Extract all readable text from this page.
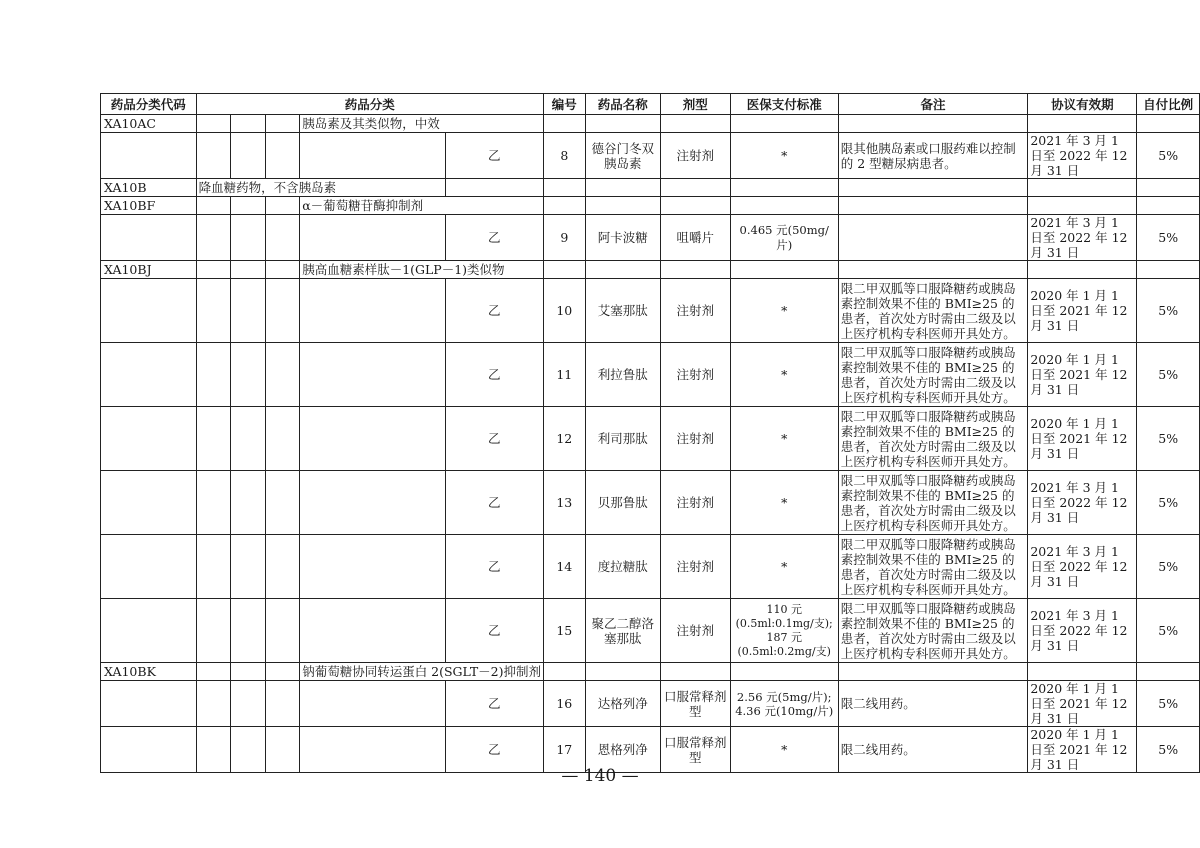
药品分类代码	药品分类					编号	药品名称	剂型	医保支付标准	备注	协议有效期	自付比例
XA10AC				胰岛素及其类似物，中效								
					乙	8	德谷门冬双胰岛素	注射剂	*	限其他胰岛素或口服药难以控制的 2 型糖尿病患者。	2021 年 3 月 1 日至 2022 年 12 月 31 日	5%
XA10B	降血糖药物，不含胰岛素											
XA10BF				α－葡萄糖苷酶抑制剂								
					乙	9	阿卡波糖	咀嚼片	0.465 元(50mg/片)		2021 年 3 月 1 日至 2022 年 12 月 31 日	5%
XA10BJ				胰高血糖素样肽－1(GLP－1)类似物								
					乙	10	艾塞那肽	注射剂	*	限二甲双胍等口服降糖药或胰岛素控制效果不佳的 BMI≥25 的患者，首次处方时需由二级及以上医疗机构专科医师开具处方。	2020 年 1 月 1 日至 2021 年 12 月 31 日	5%
					乙	11	利拉鲁肽	注射剂	*	限二甲双胍等口服降糖药或胰岛素控制效果不佳的 BMI≥25 的患者，首次处方时需由二级及以上医疗机构专科医师开具处方。	2020 年 1 月 1 日至 2021 年 12 月 31 日	5%
					乙	12	利司那肽	注射剂	*	限二甲双胍等口服降糖药或胰岛素控制效果不佳的 BMI≥25 的患者，首次处方时需由二级及以上医疗机构专科医师开具处方。	2020 年 1 月 1 日至 2021 年 12 月 31 日	5%
					乙	13	贝那鲁肽	注射剂	*	限二甲双胍等口服降糖药或胰岛素控制效果不佳的 BMI≥25 的患者，首次处方时需由二级及以上医疗机构专科医师开具处方。	2021 年 3 月 1 日至 2022 年 12 月 31 日	5%
					乙	14	度拉糖肽	注射剂	*	限二甲双胍等口服降糖药或胰岛素控制效果不佳的 BMI≥25 的患者，首次处方时需由二级及以上医疗机构专科医师开具处方。	2021 年 3 月 1 日至 2022 年 12 月 31 日	5%
					乙	15	聚乙二醇洛塞那肽	注射剂	110 元 (0.5ml:0.1mg/支); 187 元 (0.5ml:0.2mg/支)	限二甲双胍等口服降糖药或胰岛素控制效果不佳的 BMI≥25 的患者，首次处方时需由二级及以上医疗机构专科医师开具处方。	2021 年 3 月 1 日至 2022 年 12 月 31 日	5%
XA10BK				钠葡萄糖协同转运蛋白 2(SGLT－2)抑制剂								
					乙	16	达格列净	口服常释剂型	2.56 元(5mg/片); 4.36 元(10mg/片)	限二线用药。	2020 年 1 月 1 日至 2021 年 12 月 31 日	5%
					乙	17	恩格列净	口服常释剂型	*	限二线用药。	2020 年 1 月 1 日至 2021 年 12 月 31 日	5%
— 140 —
